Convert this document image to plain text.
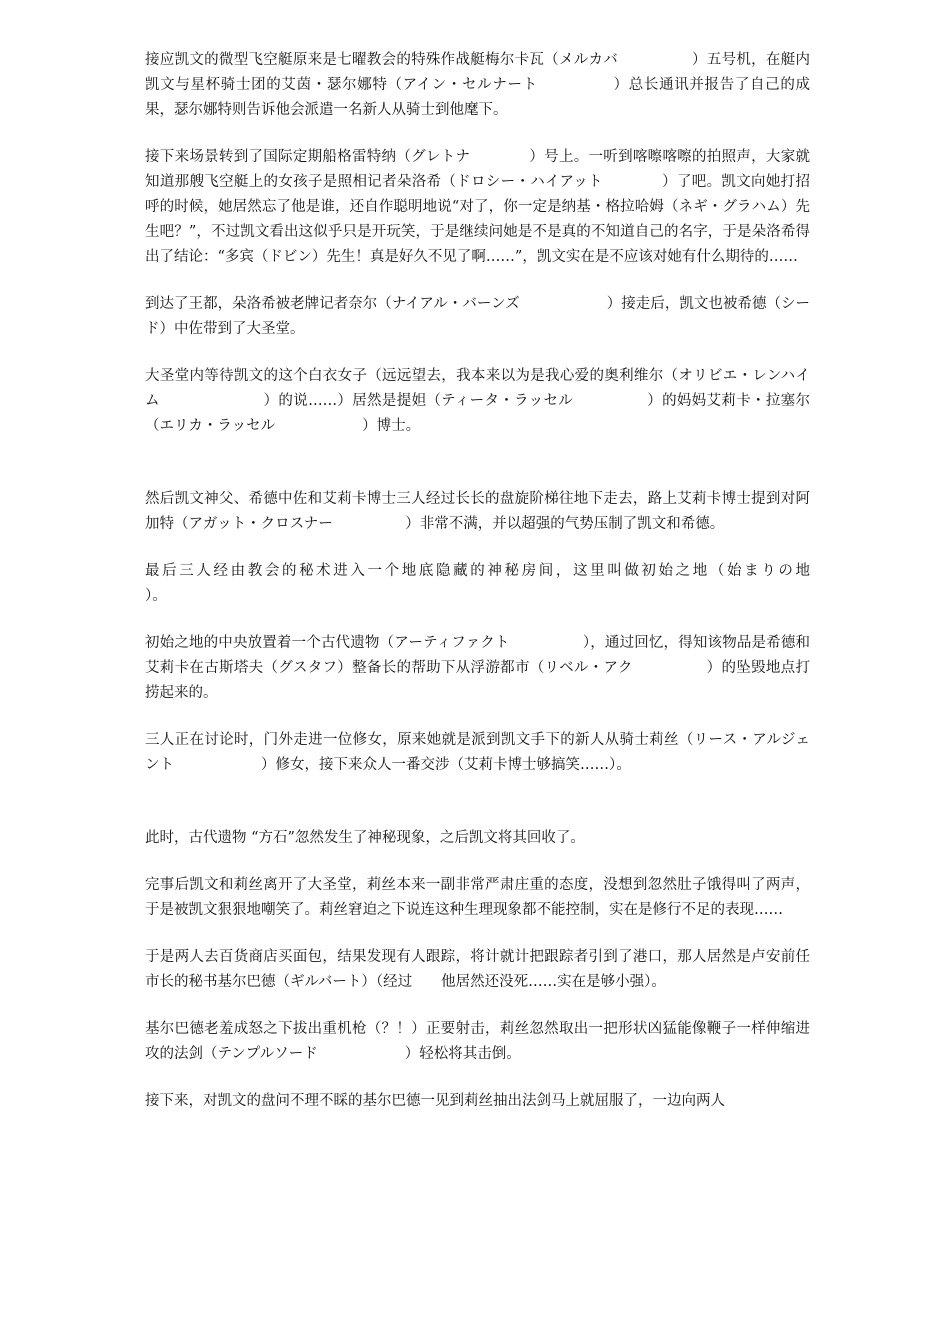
接应凯文的微型飞空艇原来是七曜教会的特殊作战艇梅尔卡瓦（メルカバ　　　　　）五号机，在艇内凯文与星杯骑士团的艾茵・瑟尔娜特（アイン・セルナート　　　　　）总长通讯并报告了自己的成果，瑟尔娜特则告诉他会派遣一名新人从骑士到他麾下。

接下来场景转到了国际定期船格雷特纳（グレトナ　　　　）号上。一听到喀嚓喀嚓的拍照声，大家就知道那艘飞空艇上的女孩子是照相记者朵洛希（ドロシー・ハイアット　　　　）了吧。凯文向她打招呼的时候，她居然忘了他是谁，还自作聪明地说“对了，你一定是纳基・格拉哈姆（ネギ・グラハム）先生吧？”，不过凯文看出这似乎只是开玩笑，于是继续问她是不是真的不知道自己的名字，于是朵洛希得出了结论：“多宾（ドビン）先生！真是好久不见了啊……”，凯文实在是不应该对她有什么期待的……

到达了王都，朵洛希被老牌记者奈尔（ナイアル・バーンズ　　　　　　）接走后，凯文也被希德（シード）中佐带到了大圣堂。

大圣堂内等待凯文的这个白衣女子（远远望去，我本来以为是我心爱的奥利维尔（オリビエ・レンハイム　　　　　　　）的说……）居然是提妲（ティータ・ラッセル　　　　　）的妈妈艾莉卡・拉塞尔（エリカ・ラッセル　　　　　　）博士。

然后凯文神父、希德中佐和艾莉卡博士三人经过长长的盘旋阶梯往地下走去，路上艾莉卡博士提到对阿加特（アガット・クロスナー　　　　　）非常不满，并以超强的气势压制了凯文和希德。

最后三人经由教会的秘术进入一个地底隐藏的神秘房间，这里叫做初始之地（始まりの地　　　　　　　）。

初始之地的中央放置着一个古代遗物（アーティファクト　　　　　），通过回忆，得知该物品是希德和艾莉卡在古斯塔夫（グスタフ）整备长的帮助下从浮游都市（リベル・アク　　　　　）的坠毁地点打捞起来的。

三人正在讨论时，门外走进一位修女，原来她就是派到凯文手下的新人从骑士莉丝（リース・アルジェント　　　　　　）修女，接下来众人一番交涉（艾莉卡博士够搞笑……）。

此时，古代遗物 “方石”忽然发生了神秘现象，之后凯文将其回收了。

完事后凯文和莉丝离开了大圣堂，莉丝本来一副非常严肃庄重的态度，没想到忽然肚子饿得叫了两声，于是被凯文狠狠地嘲笑了。莉丝窘迫之下说连这种生理现象都不能控制，实在是修行不足的表现……

于是两人去百货商店买面包，结果发现有人跟踪，将计就计把跟踪者引到了港口，那人居然是卢安前任市长的秘书基尔巴德（ギルバート）（经过　　他居然还没死……实在是够小强）。

基尔巴德老羞成怒之下拔出重机枪（？！）正要射击，莉丝忽然取出一把形状凶猛能像鞭子一样伸缩进攻的法剑（テンプルソード　　　　　　）轻松将其击倒。

接下来，对凯文的盘问不理不睬的基尔巴德一见到莉丝抽出法剑马上就屈服了，一边向两人
